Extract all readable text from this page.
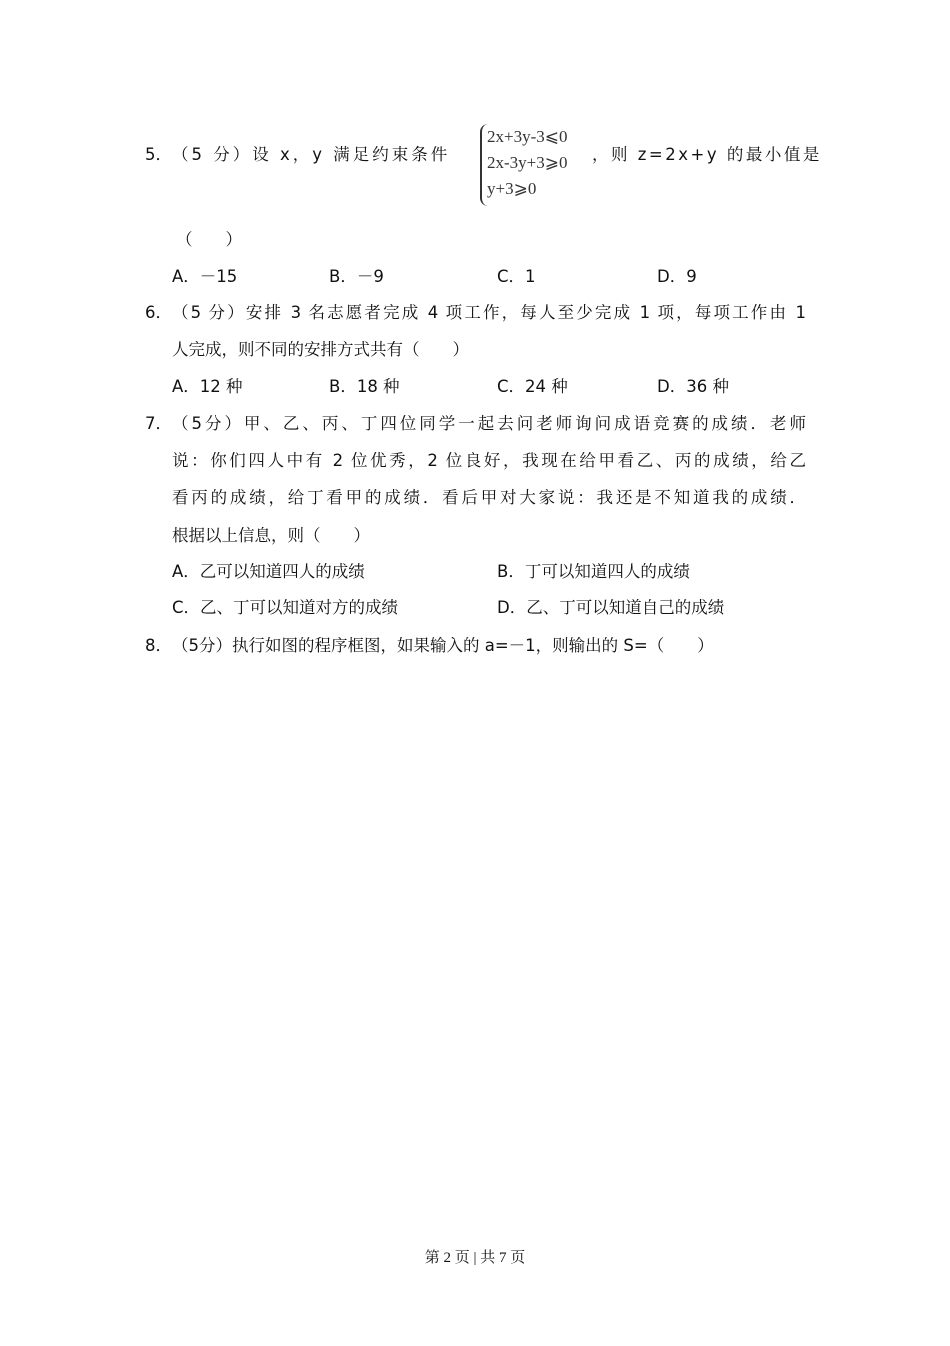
5． （5 分）设 x，y 满足约束条件
2x+3y-3⩽0
2x-3y+3⩾0
y+3⩾0
，则 z=2x+y 的最小值是
（　　）
A．－15	B．－9	C．1	D．9
6． （5 分）安排 3 名志愿者完成 4 项工作，每人至少完成 1 项，每项工作由 1
人完成，则不同的安排方式共有（　　）
A．12 种	B．18 种	C．24 种	D．36 种
7． （5分）甲、乙、丙、丁四位同学一起去问老师询问成语竞赛的成绩．老师
说：你们四人中有 2 位优秀，2 位良好，我现在给甲看乙、丙的成绩，给乙
看丙的成绩，给丁看甲的成绩．看后甲对大家说：我还是不知道我的成绩．
根据以上信息，则（　　）
A．乙可以知道四人的成绩	B．丁可以知道四人的成绩
C．乙、丁可以知道对方的成绩	D．乙、丁可以知道自己的成绩
8． （5分）执行如图的程序框图，如果输入的 a=－1，则输出的 S=（　　）
第 2 页 | 共 7 页
